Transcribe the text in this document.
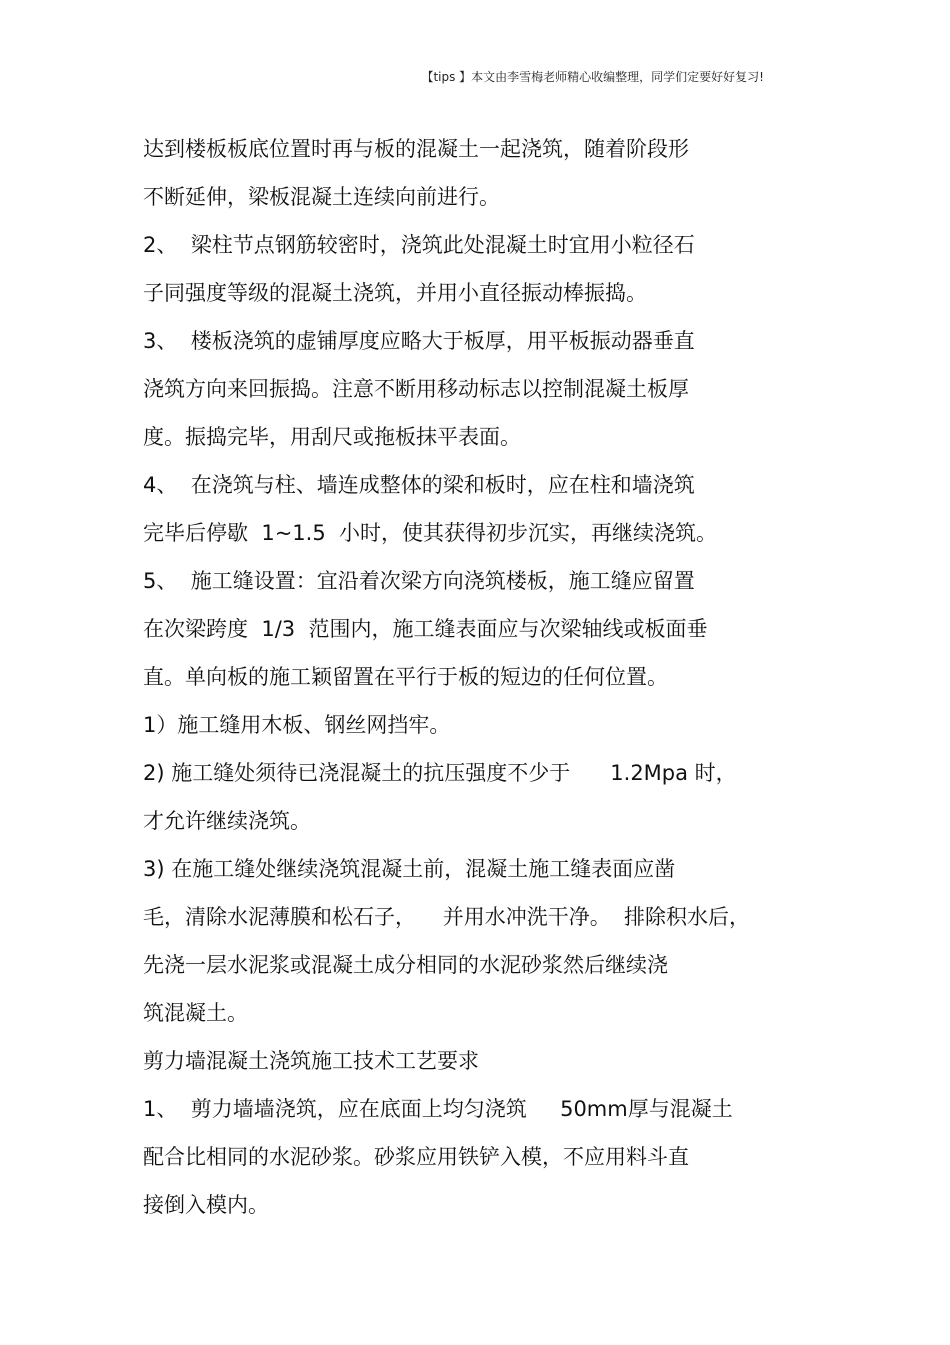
【tips 】本文由李雪梅老师精心收编整理，同学们定要好好复习!
达到楼板板底位置时再与板的混凝土一起浇筑，随着阶段形
不断延伸，梁板混凝土连续向前进行。
2、  梁柱节点钢筋较密时，浇筑此处混凝土时宜用小粒径石
子同强度等级的混凝土浇筑，并用小直径振动棒振捣。
3、  楼板浇筑的虚铺厚度应略大于板厚，用平板振动器垂直
浇筑方向来回振捣。注意不断用移动标志以控制混凝土板厚
度。振捣完毕，用刮尺或拖板抹平表面。
4、  在浇筑与柱、墙连成整体的梁和板时，应在柱和墙浇筑
完毕后停歇  1~1.5  小时，使其获得初步沉实，再继续浇筑。
5、  施工缝设置：宜沿着次梁方向浇筑楼板，施工缝应留置
在次梁跨度  1/3  范围内，施工缝表面应与次梁轴线或板面垂
直。单向板的施工颖留置在平行于板的短边的任何位置。
1）施工缝用木板、钢丝网挡牢。
2) 施工缝处须待已浇混凝土的抗压强度不少于      1.2Mpa 时，
才允许继续浇筑。
3) 在施工缝处继续浇筑混凝土前，混凝土施工缝表面应凿
毛，清除水泥薄膜和松石子，    并用水冲洗干净。  排除积水后，
先浇一层水泥浆或混凝土成分相同的水泥砂浆然后继续浇
筑混凝土。
剪力墙混凝土浇筑施工技术工艺要求
1、  剪力墙墙浇筑，应在底面上均匀浇筑     50mm厚与混凝土
配合比相同的水泥砂浆。砂浆应用铁铲入模，不应用料斗直
接倒入模内。
